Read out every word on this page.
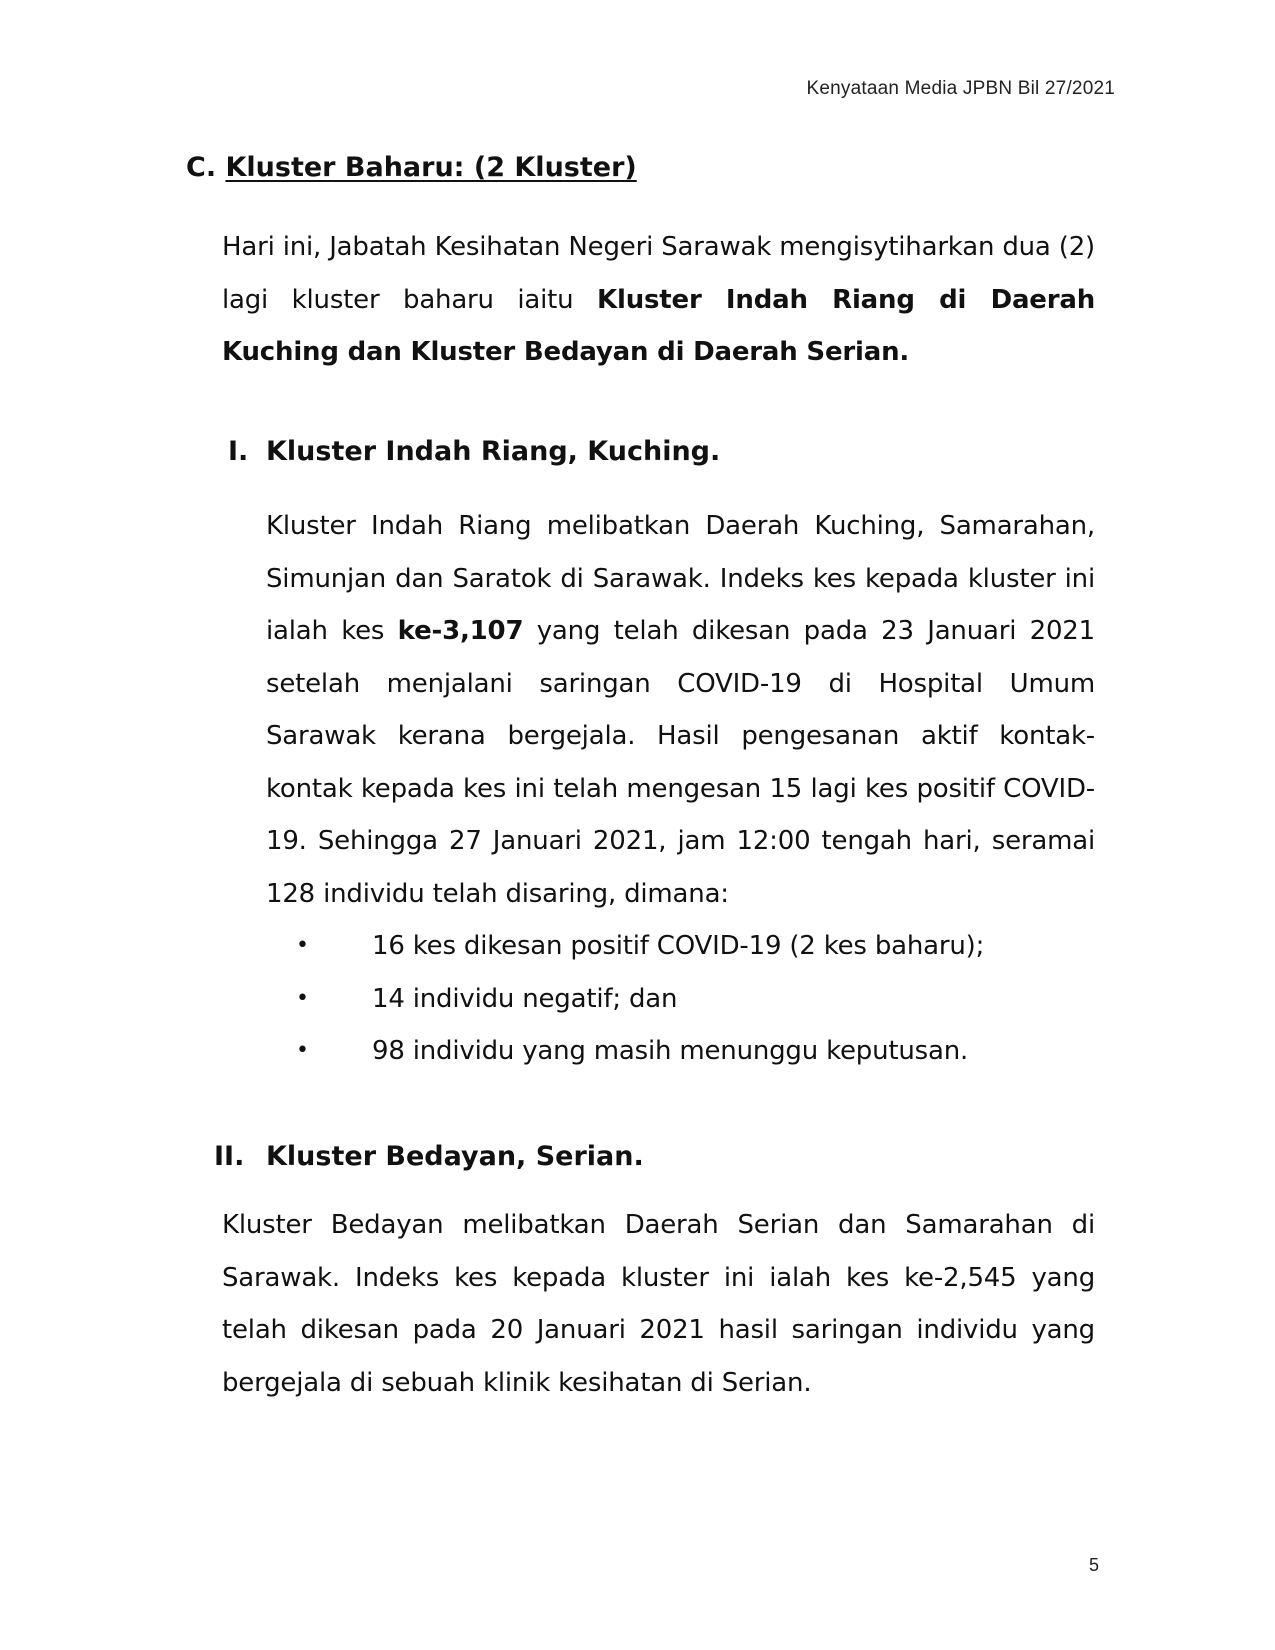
Kenyataan Media JPBN Bil 27/2021
C. Kluster Baharu: (2 Kluster)

Hari ini, Jabatah Kesihatan Negeri Sarawak mengisytiharkan dua (2) lagi kluster baharu iaitu Kluster Indah Riang di Daerah Kuching dan Kluster Bedayan di Daerah Serian.

I. Kluster Indah Riang, Kuching.

Kluster Indah Riang melibatkan Daerah Kuching, Samarahan, Simunjan dan Saratok di Sarawak. Indeks kes kepada kluster ini ialah kes ke-3,107 yang telah dikesan pada 23 Januari 2021 setelah menjalani saringan COVID-19 di Hospital Umum Sarawak kerana bergejala. Hasil pengesanan aktif kontak-kontak kepada kes ini telah mengesan 15 lagi kes positif COVID-19. Sehingga 27 Januari 2021, jam 12:00 tengah hari, seramai 128 individu telah disaring, dimana:

•	16 kes dikesan positif COVID-19 (2 kes baharu);
•	14 individu negatif; dan
•	98 individu yang masih menunggu keputusan.
II. Kluster Bedayan, Serian.

Kluster Bedayan melibatkan Daerah Serian dan Samarahan di Sarawak. Indeks kes kepada kluster ini ialah kes ke-2,545 yang telah dikesan pada 20 Januari 2021 hasil saringan individu yang bergejala di sebuah klinik kesihatan di Serian.

5
